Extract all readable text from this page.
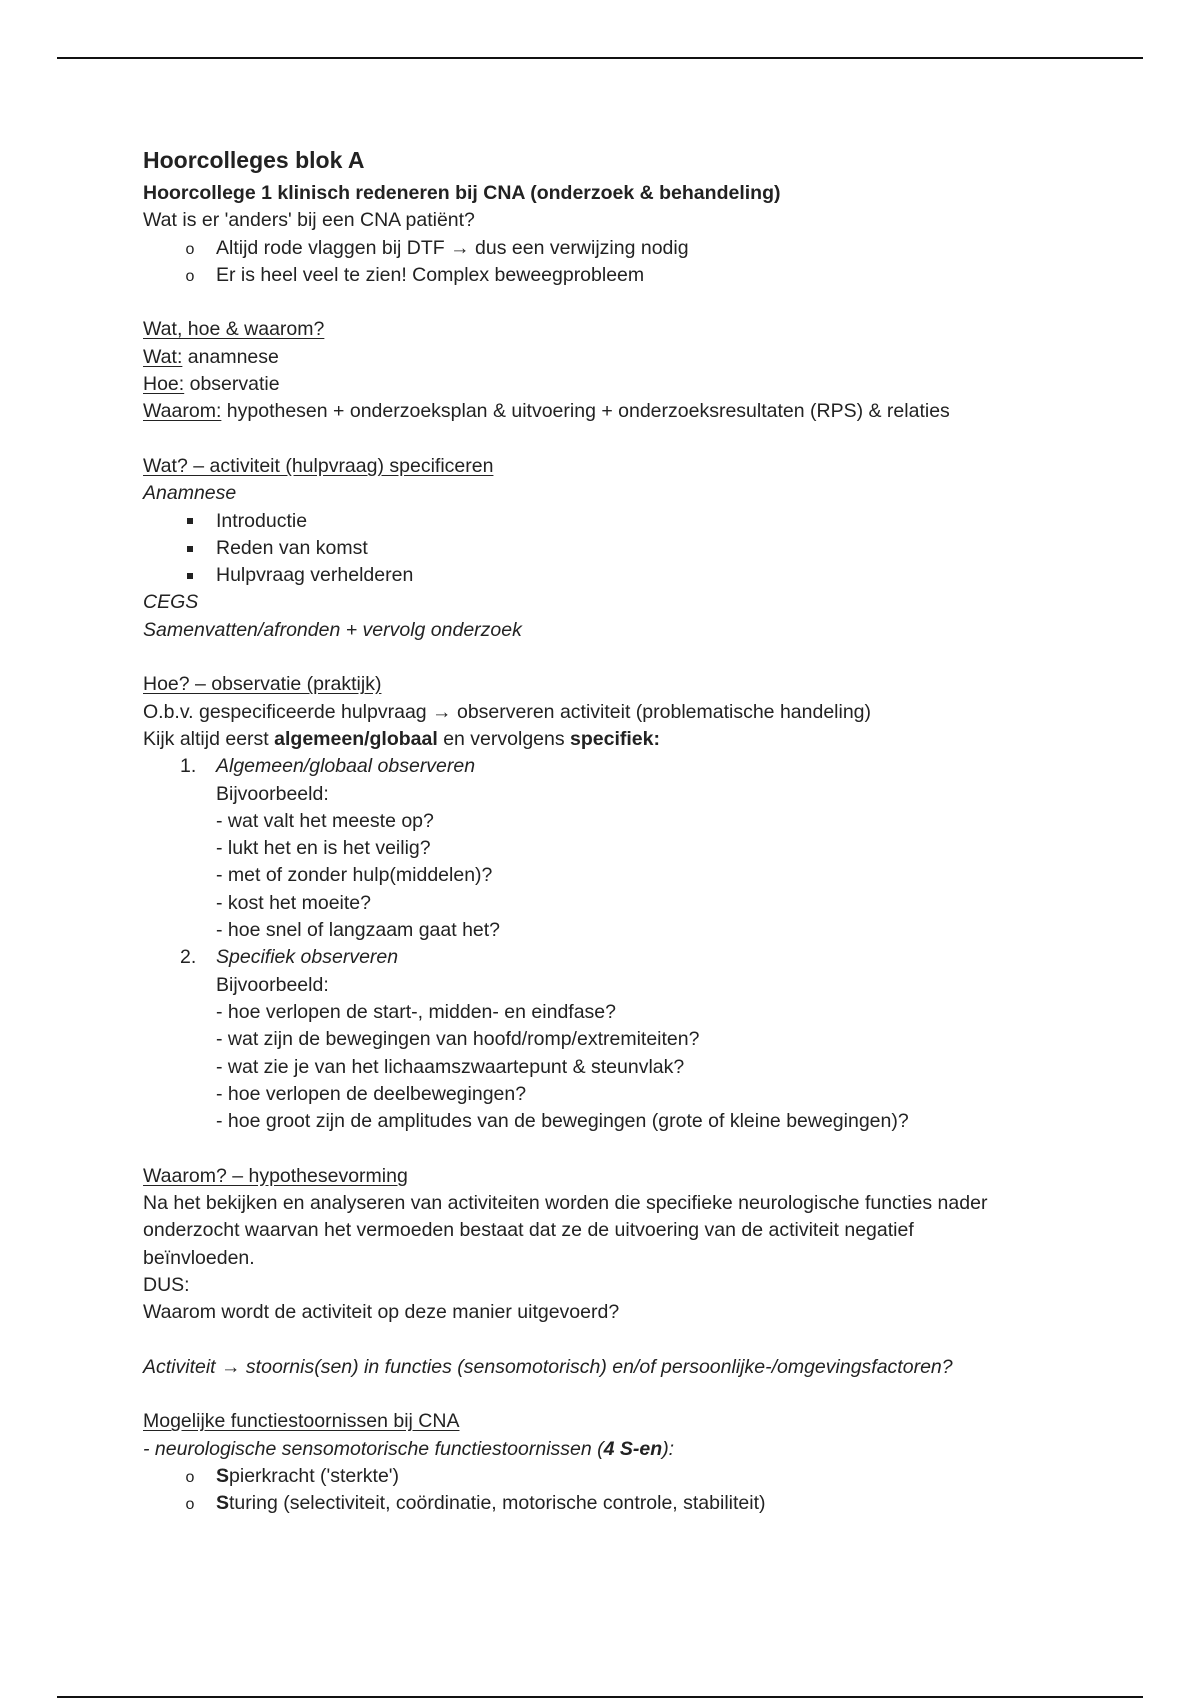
Hoorcolleges blok A

Hoorcollege 1 klinisch redeneren bij CNA (onderzoek & behandeling)

Wat is er 'anders' bij een CNA patiënt?

o
Altijd rode vlaggen bij DTF → dus een verwijzing nodig

o
Er is heel veel te zien! Complex beweegprobleem

Wat, hoe & waarom?

Wat: anamnese

Hoe: observatie

Waarom: hypothesen + onderzoeksplan & uitvoering + onderzoeksresultaten (RPS) & relaties

Wat? – activiteit (hulpvraag) specificeren

Anamnese

Introductie

Reden van komst

Hulpvraag verhelderen

CEGS

Samenvatten/afronden + vervolg onderzoek

Hoe? – observatie (praktijk)

O.b.v. gespecificeerde hulpvraag → observeren activiteit (problematische handeling)

Kijk altijd eerst algemeen/globaal en vervolgens specifiek:

1. Algemeen/globaal observeren

Bijvoorbeeld:

- wat valt het meeste op?

- lukt het en is het veilig?

- met of zonder hulp(middelen)?

- kost het moeite?

- hoe snel of langzaam gaat het?

2. Specifiek observeren

Bijvoorbeeld:

- hoe verlopen de start-, midden- en eindfase?

- wat zijn de bewegingen van hoofd/romp/extremiteiten?

- wat zie je van het lichaamszwaartepunt & steunvlak?

- hoe verlopen de deelbewegingen?

- hoe groot zijn de amplitudes van de bewegingen (grote of kleine bewegingen)?

Waarom? – hypothesevorming

Na het bekijken en analyseren van activiteiten worden die specifieke neurologische functies nader

onderzocht waarvan het vermoeden bestaat dat ze de uitvoering van de activiteit negatief

beïnvloeden.

DUS:

Waarom wordt de activiteit op deze manier uitgevoerd?

Activiteit → stoornis(sen) in functies (sensomotorisch) en/of persoonlijke-/omgevingsfactoren?

Mogelijke functiestoornissen bij CNA

- neurologische sensomotorische functiestoornissen (4 S-en):

o
Spierkracht ('sterkte')

o
Sturing (selectiviteit, coördinatie, motorische controle, stabiliteit)
